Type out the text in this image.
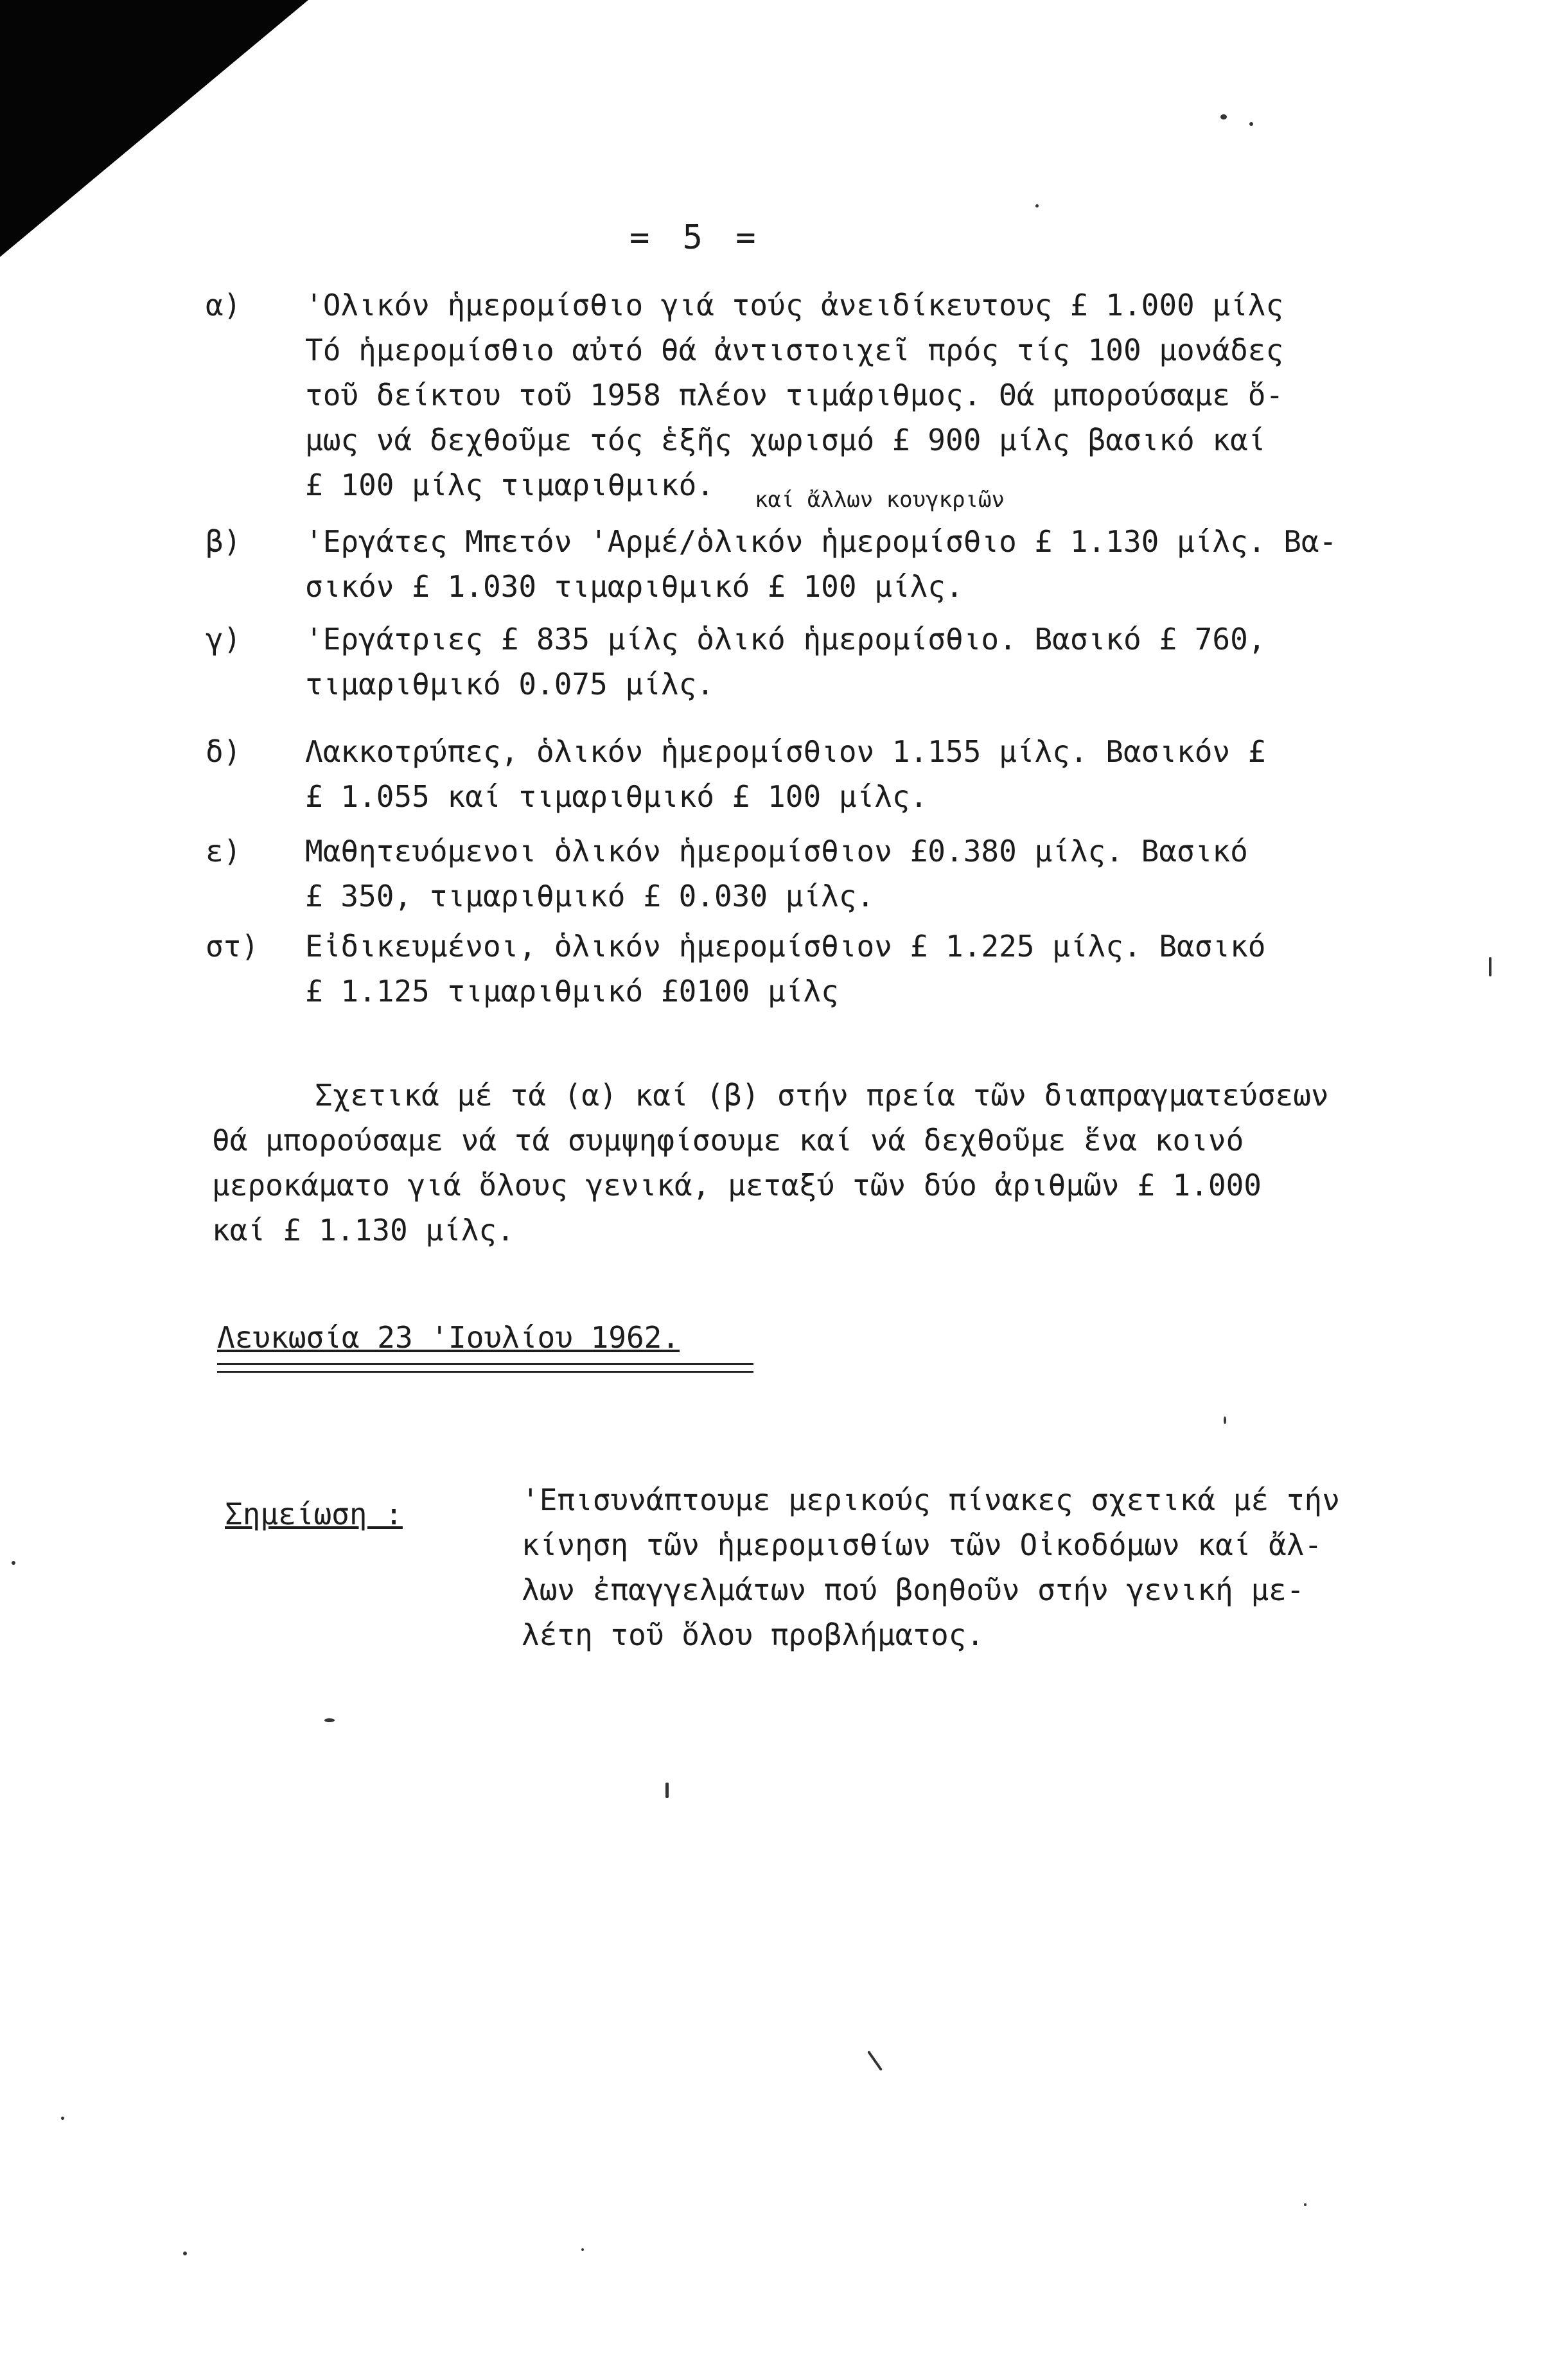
= 5 =
α)	'Ολικόν ἡμερομίσθιο γιά τούς ἀνειδίκευτους £ 1.000 μίλς
Τό ἡμερομίσθιο αὐτό θά ἀντιστοιχεῖ πρός τίς 100 μονάδες
τοῦ δείκτου τοῦ 1958 πλέον τιμάριθμος. Θά μπορούσαμε ὅ-
μως νά δεχθοῦμε τός ἑξῆς χωρισμό £ 900 μίλς βασικό καί
£ 100 μίλς τιμαριθμικό.	καί ἄλλων κουγκριῶν
β)	'Εργάτες Μπετόν 'Αρμέ/ὁλικόν ἡμερομίσθιο £ 1.130 μίλς. Βα-
σικόν £ 1.030 τιμαριθμικό £ 100 μίλς.
γ)	'Εργάτριες £ 835 μίλς ὁλικό ἡμερομίσθιο. Βασικό £ 760,
τιμαριθμικό 0.075 μίλς.
δ)	Λακκοτρύπες, ὁλικόν ἡμερομίσθιον 1.155 μίλς. Βασικόν £
£ 1.055 καί τιμαριθμικό £ 100 μίλς.
ε)	Μαθητευόμενοι ὁλικόν ἡμερομίσθιον £0.380 μίλς. Βασικό
£ 350, τιμαριθμικό £ 0.030 μίλς.
στ)	Εἰδικευμένοι, ὁλικόν ἡμερομίσθιον £ 1.225 μίλς. Βασικό
£ 1.125 τιμαριθμικό £0100 μίλς
Σχετικά μέ τά (α) καί (β) στήν πρεία τῶν διαπραγματεύσεων
θά μπορούσαμε νά τά συμψηφίσουμε καί νά δεχθοῦμε ἕνα κοινό
μεροκάματο γιά ὅλους γενικά, μεταξύ τῶν δύο ἀριθμῶν £ 1.000
καί £ 1.130 μίλς.
Λευκωσία 23 'Ιουλίου 1962.
Σημείωση :	'Επισυνάπτουμε μερικούς πίνακες σχετικά μέ τήν
κίνηση τῶν ἡμερομισθίων τῶν Οἰκοδόμων καί ἄλ-
λων ἐπαγγελμάτων πού βοηθοῦν στήν γενική με-
λέτη τοῦ ὅλου προβλήματος.
